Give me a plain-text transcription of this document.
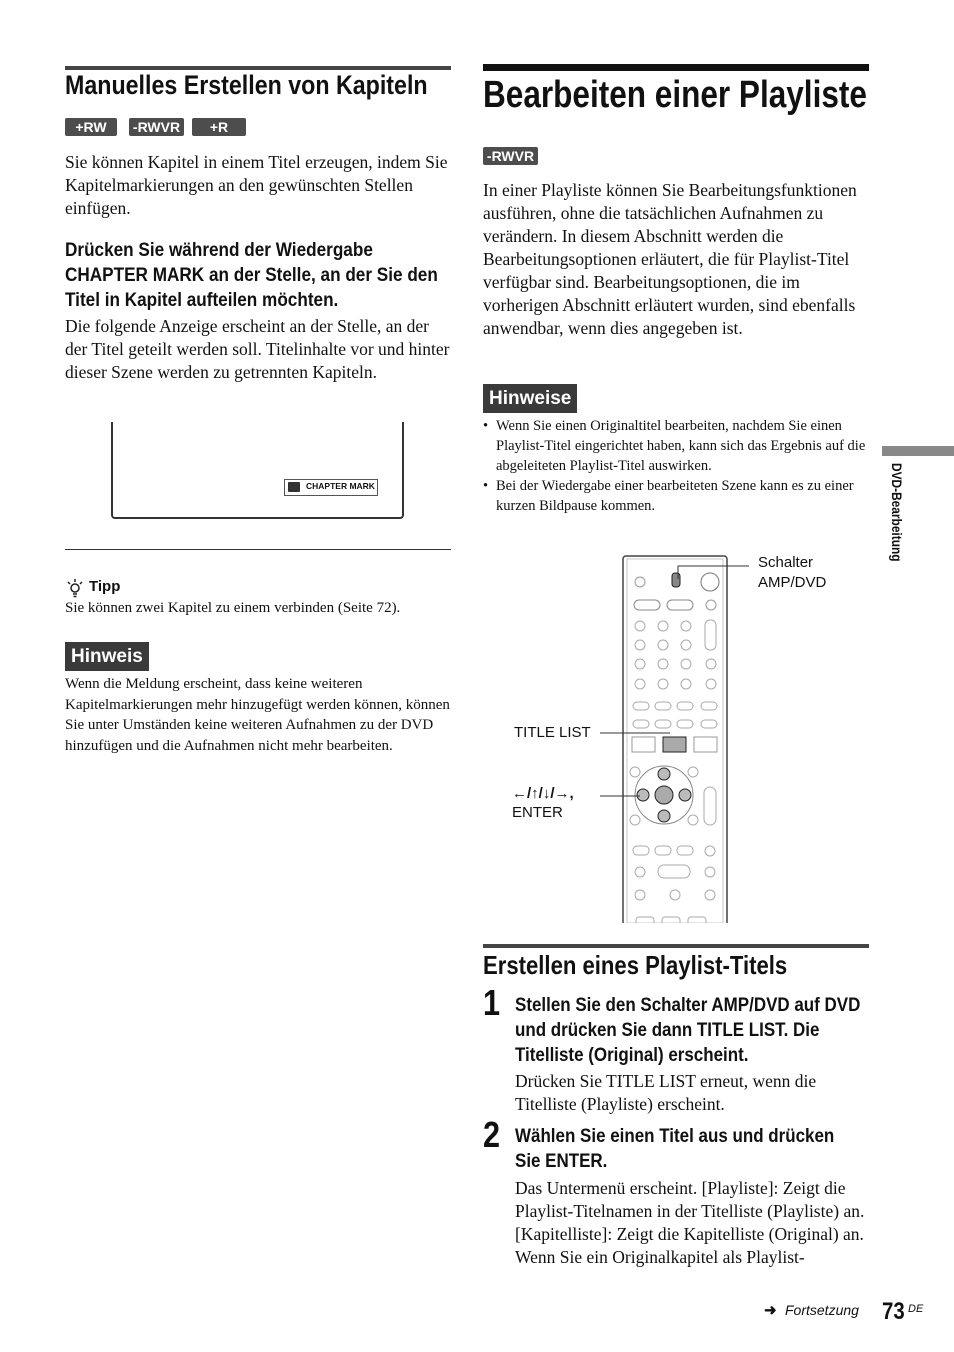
Manuelles Erstellen von Kapiteln
+RW	-RWVR	+R
Sie können Kapitel in einem Titel erzeugen, indem Sie Kapitelmarkierungen an den gewünschten Stellen einfügen.
Drücken Sie während der Wiedergabe CHAPTER MARK an der Stelle, an der Sie den Titel in Kapitel aufteilen möchten.
Die folgende Anzeige erscheint an der Stelle, an der der Titel geteilt werden soll. Titelinhalte vor und hinter dieser Szene werden zu getrennten Kapiteln.
CHAPTER MARK
Tipp
Sie können zwei Kapitel zu einem verbinden (Seite 72).
Hinweis
Wenn die Meldung erscheint, dass keine weiteren Kapitelmarkierungen mehr hinzugefügt werden können, können Sie unter Umständen keine weiteren Aufnahmen zu der DVD hinzufügen und die Aufnahmen nicht mehr bearbeiten.
Bearbeiten einer Playliste
-RWVR
In einer Playliste können Sie Bearbeitungsfunktionen ausführen, ohne die tatsächlichen Aufnahmen zu verändern. In diesem Abschnitt werden die Bearbeitungsoptionen erläutert, die für Playlist-Titel verfügbar sind. Bearbeitungsoptionen, die im vorherigen Abschnitt erläutert wurden, sind ebenfalls anwendbar, wenn dies angegeben ist.
Hinweise
• Wenn Sie einen Originaltitel bearbeiten, nachdem Sie einen Playlist-Titel eingerichtet haben, kann sich das Ergebnis auf die abgeleiteten Playlist-Titel auswirken.
• Bei der Wiedergabe einer bearbeiteten Szene kann es zu einer kurzen Bildpause kommen.
Schalter AMP/DVD
TITLE LIST
←/↑/↓/→,
ENTER
Erstellen eines Playlist-Titels
1 Stellen Sie den Schalter AMP/DVD auf DVD und drücken Sie dann TITLE LIST. Die Titelliste (Original) erscheint.
Drücken Sie TITLE LIST erneut, wenn die Titelliste (Playliste) erscheint.
2 Wählen Sie einen Titel aus und drücken Sie ENTER.
Das Untermenü erscheint. [Playliste]: Zeigt die Playlist-Titelnamen in der Titelliste (Playliste) an. [Kapitelliste]: Zeigt die Kapitelliste (Original) an. Wenn Sie ein Originalkapitel als Playlist-
DVD-Bearbeitung
➜ Fortsetzung 73 DE
